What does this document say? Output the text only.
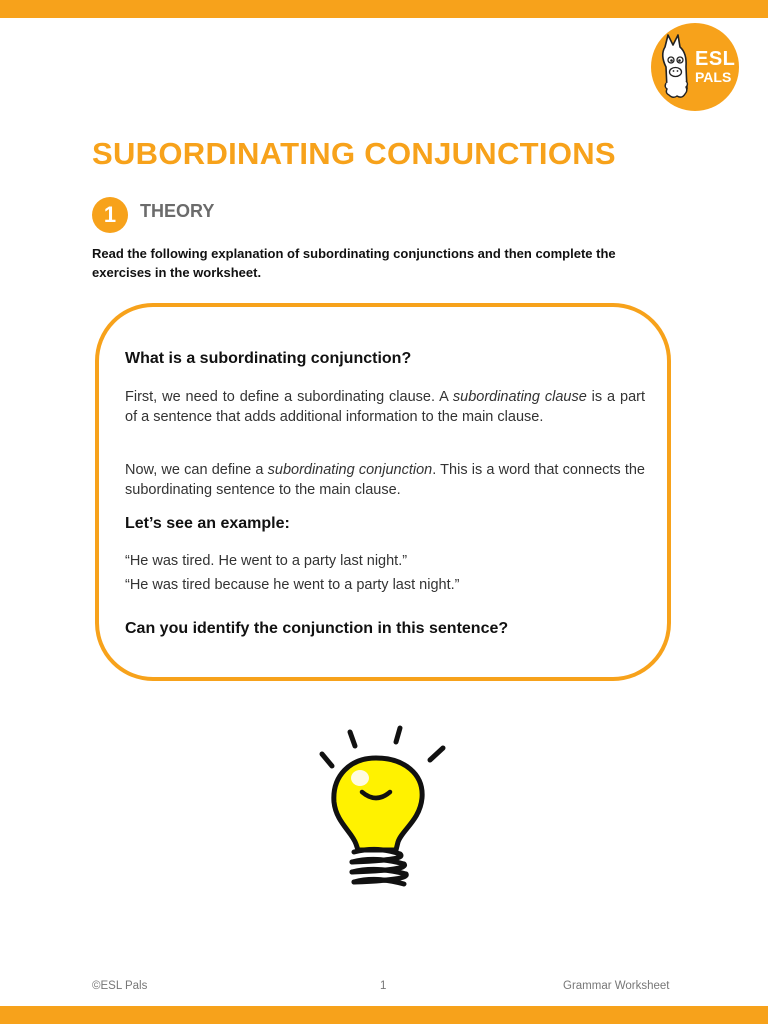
ESL
PALS
SUBORDINATING CONJUNCTIONS
1	THEORY

Read the following explanation of subordinating conjunctions and then complete the exercises in the worksheet.

What is a subordinating conjunction?

First, we need to define a subordinating clause. A subordinating clause is a part of a sentence that adds additional information to the main clause.

Now, we can define a subordinating conjunction. This is a word that connects the subordinating sentence to the main clause.

Let’s see an example:

“He was tired. He went to a party last night.”

“He was tired because he went to a party last night.”

Can you identify the conjunction in this sentence?

©ESL Pals	1	Grammar Worksheet
